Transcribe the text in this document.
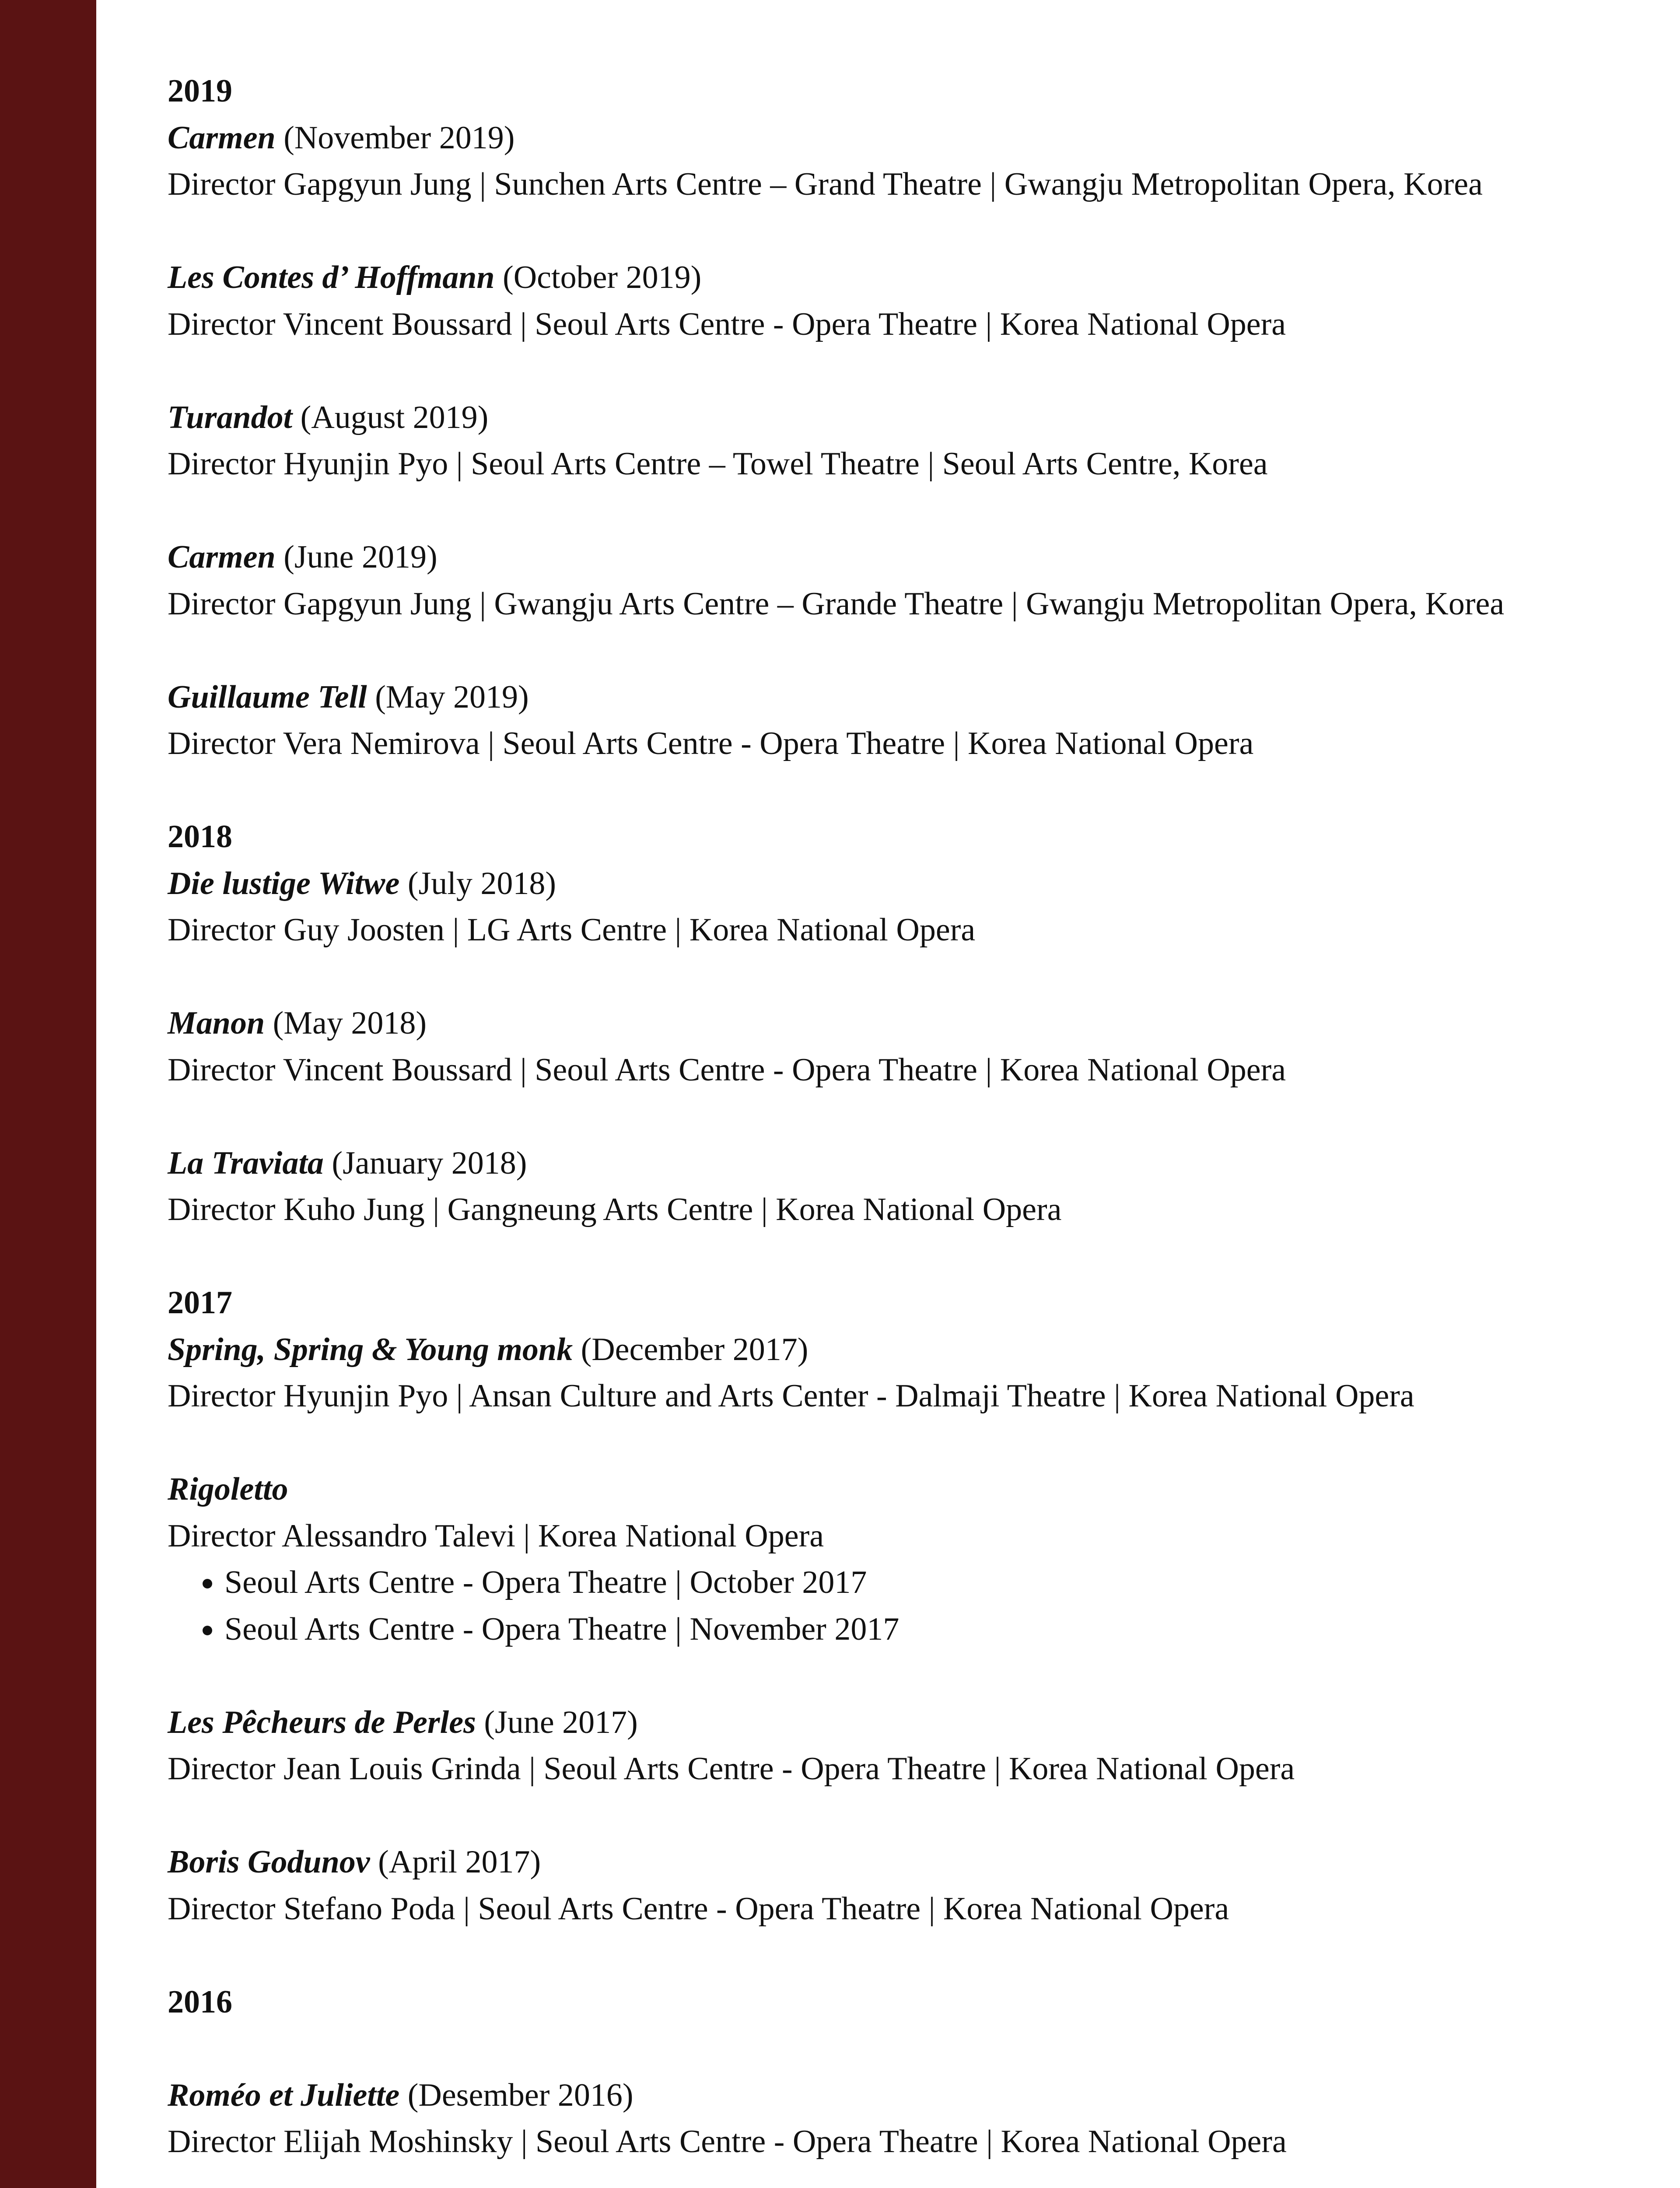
2019

Carmen (November 2019)

Director Gapgyun Jung | Sunchen Arts Centre – Grand Theatre | Gwangju Metropolitan Opera, Korea

Les Contes d’ Hoffmann (October 2019)

Director Vincent Boussard | Seoul Arts Centre - Opera Theatre | Korea National Opera

Turandot (August 2019)

Director Hyunjin Pyo | Seoul Arts Centre – Towel Theatre | Seoul Arts Centre, Korea

Carmen (June 2019)

Director Gapgyun Jung | Gwangju Arts Centre – Grande Theatre | Gwangju Metropolitan Opera, Korea

Guillaume Tell (May 2019)

Director Vera Nemirova | Seoul Arts Centre - Opera Theatre | Korea National Opera

2018

Die lustige Witwe (July 2018)

Director Guy Joosten | LG Arts Centre | Korea National Opera

Manon (May 2018)

Director Vincent Boussard | Seoul Arts Centre - Opera Theatre | Korea National Opera

La Traviata (January 2018)

Director Kuho Jung | Gangneung Arts Centre | Korea National Opera

2017

Spring, Spring & Young monk (December 2017)

Director Hyunjin Pyo | Ansan Culture and Arts Center - Dalmaji Theatre | Korea National Opera

Rigoletto

Director Alessandro Talevi | Korea National Opera

• Seoul Arts Centre - Opera Theatre | October 2017
• Seoul Arts Centre - Opera Theatre | November 2017

Les Pêcheurs de Perles (June 2017)

Director Jean Louis Grinda | Seoul Arts Centre - Opera Theatre | Korea National Opera

Boris Godunov (April 2017)

Director Stefano Poda | Seoul Arts Centre - Opera Theatre | Korea National Opera

2016

Roméo et Juliette (Desember 2016)

Director Elijah Moshinsky | Seoul Arts Centre - Opera Theatre | Korea National Opera
